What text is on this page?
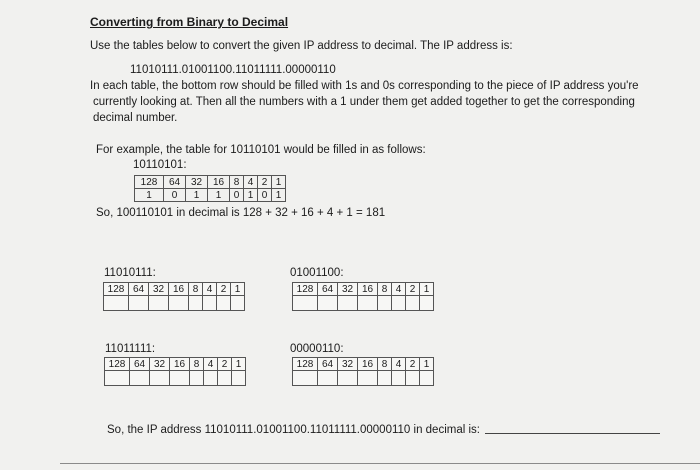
Converting from Binary to Decimal
Use the tables below to convert the given IP address to decimal. The IP address is:
11010111.01001100.11011111.00000110
In each table, the bottom row should be filled with 1s and 0s corresponding to the piece of IP address you're
currently looking at. Then all the numbers with a 1 under them get added together to get the corresponding
decimal number.
For example, the table for 10110101 would be filled in as follows:
10110101:
128	64	32	16	8	4	2	1
1	0	1	1	0	1	0	1
So, 100110101 in decimal is 128 + 32 + 16 + 4 + 1 = 181
11010111:
128	64	32	16	8	4	2	1

01001100:
128	64	32	16	8	4	2	1

11011111:
128	64	32	16	8	4	2	1

00000110:
128	64	32	16	8	4	2	1

So, the IP address 11010111.01001100.11011111.00000110 in decimal is:
